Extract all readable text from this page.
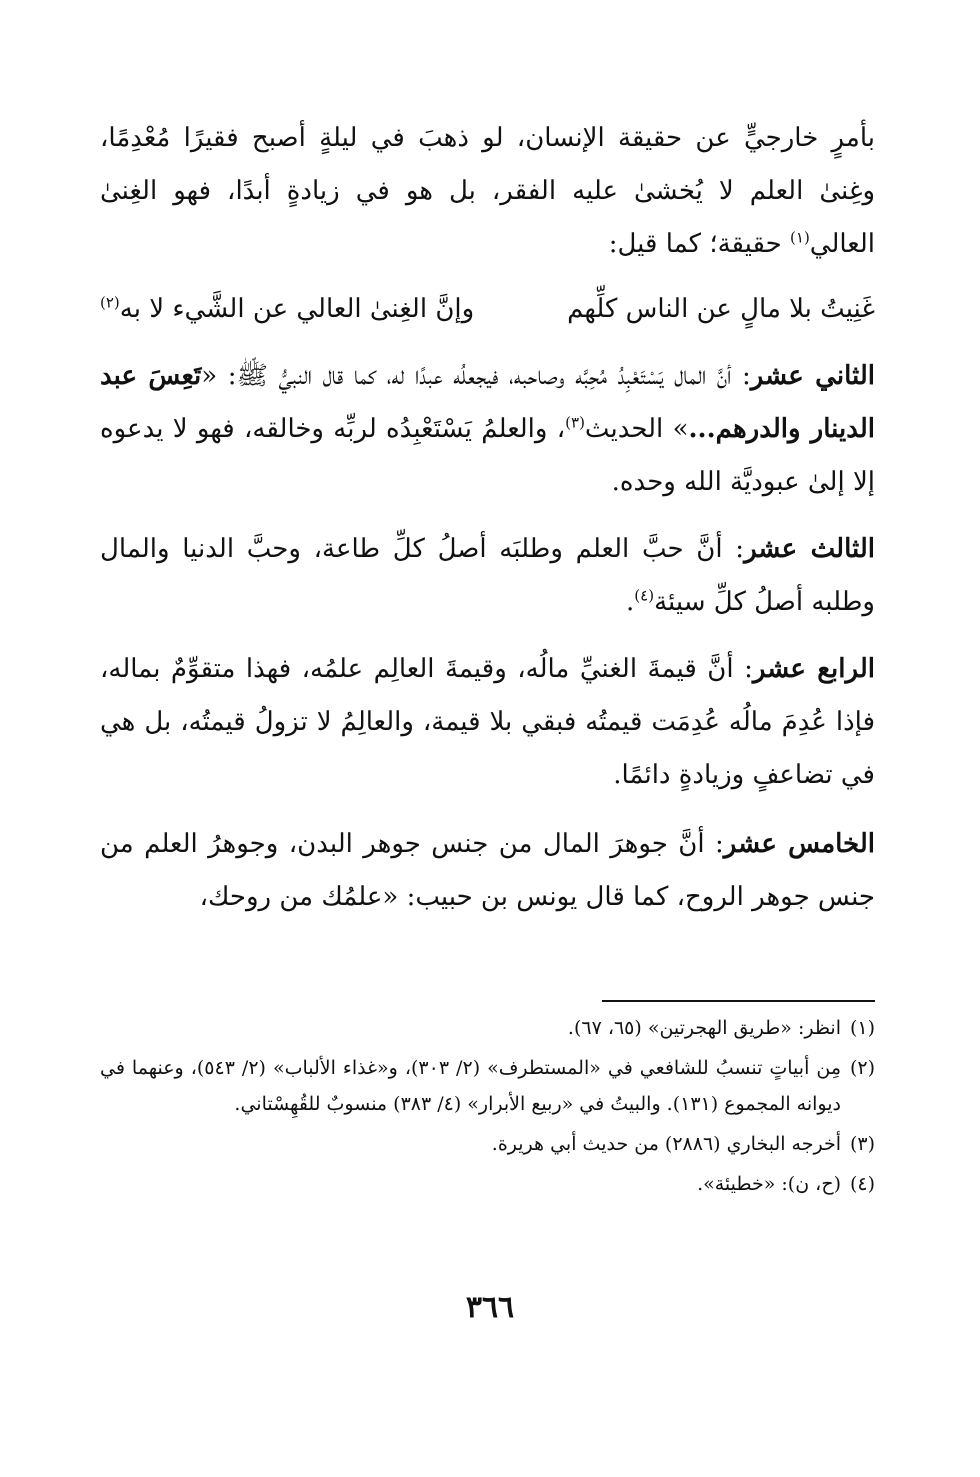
بأمرٍ خارجيٍّ عن حقيقة الإنسان، لو ذهبَ في ليلةٍ أصبح فقيرًا مُعْدِمًا، وغِنىٰ العلم لا يُخشىٰ عليه الفقر، بل هو في زيادةٍ أبدًا، فهو الغِنىٰ العالي$^{(١)}$ حقيقة؛ كما قيل:

غَنِيتُ بلا مالٍ عن الناس كلِّهم
وإنَّ الغِنىٰ العالي عن الشَّيء لا به$^{(٢)}$

الثاني عشر: أنَّ المال يَسْتَعْبِدُ مُحِبَّه وصاحبه، فيجعلُه عبدًا له، كما قال النبيُّ ﷺ: «تَعِسَ عبد الدينار والدرهم...» الحديث$^{(٣)}$، والعلمُ يَسْتَعْبِدُه لربِّه وخالقه، فهو لا يدعوه إلا إلىٰ عبوديَّة الله وحده.

الثالث عشر: أنَّ حبَّ العلم وطلبَه أصلُ كلِّ طاعة، وحبَّ الدنيا والمال وطلبه أصلُ كلِّ سيئة$^{(٤)}$.

الرابع عشر: أنَّ قيمةَ الغنيِّ مالُه، وقيمةَ العالِم علمُه، فهذا متقوِّمٌ بماله، فإذا عُدِمَ مالُه عُدِمَت قيمتُه فبقي بلا قيمة، والعالِمُ لا تزولُ قيمتُه، بل هي في تضاعفٍ وزيادةٍ دائمًا.

الخامس عشر: أنَّ جوهرَ المال من جنس جوهر البدن، وجوهرُ العلم من جنس جوهر الروح، كما قال يونس بن حبيب: «علمُك من روحك،

(١)
انظر: «طريق الهجرتين» (٦٥، ٦٧).
(٢)
مِن أبياتٍ تنسبُ للشافعي في «المستطرف» (٢/ ٣٠٣)، و«غذاء الألباب» (٢/ ٥٤٣)، وعنهما في ديوانه المجموع (١٣١). والبيتُ في «ربيع الأبرار» (٤/ ٣٨٣) منسوبٌ للقُهِسْتاني.
(٣)
أخرجه البخاري (٢٨٨٦) من حديث أبي هريرة.
(٤)
(ح، ن): «خطيئة».
٣٦٦
